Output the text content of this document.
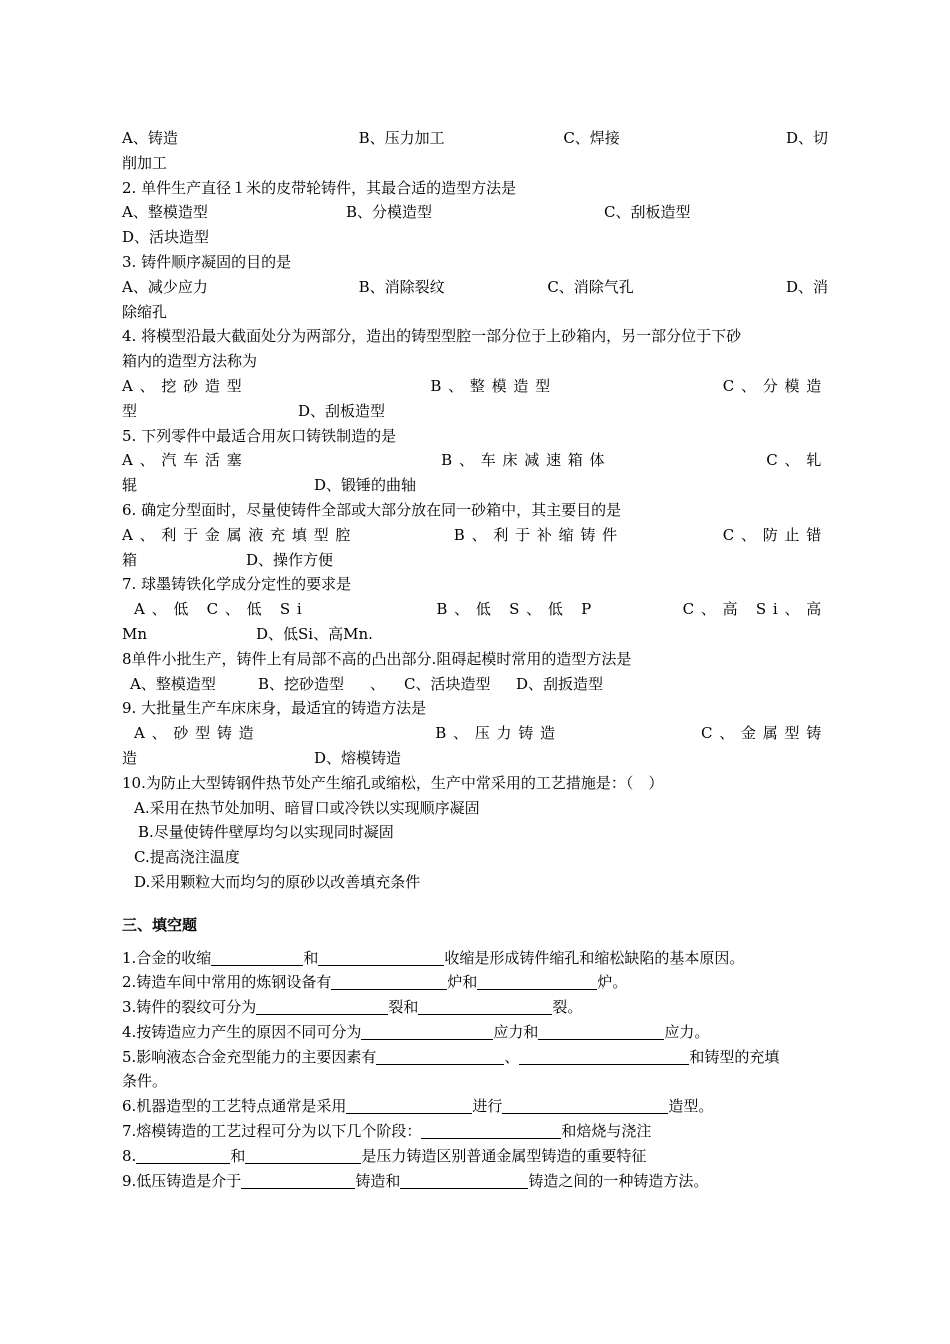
A、铸造	B、压力加工	C、焊接	D、切
削加工
2. 单件生产直径１米的皮带轮铸件，其最合适的造型方法是
A、整模造型	B、分模造型	C、刮板造型
D、活块造型
3. 铸件顺序凝固的目的是
A、减少应力	B、消除裂纹	C、消除气孔	D、消
除缩孔
4. 将模型沿最大截面处分为两部分，造出的铸型型腔一部分位于上砂箱内，另一部分位于下砂
箱内的造型方法称为
A、挖砂造型	B、整模造型	C、分模造
型	D、刮板造型
5. 下列零件中最适合用灰口铸铁制造的是
A、汽车活塞	B、车床减速箱体	C、轧
辊	D、锻锤的曲轴
6. 确定分型面时，尽量使铸件全部或大部分放在同一砂箱中，其主要目的是
A、利于金属液充填型腔	B、利于补缩铸件	C、防止错
箱	D、操作方便
7. 球墨铸铁化学成分定性的要求是
A、低 C、低 Si	B、低 S、低 P	C、高 Si、高
Mn	D、低Si、高Mn.
8单件小批生产，铸件上有局部不高的凸出部分.阻碍起模时常用的造型方法是
A、整模造型	B、挖砂造型 、 C、活块造型 D、刮扳造型
9. 大批量生产车床床身，最适宜的铸造方法是
A、砂型铸造	B、压力铸造	C、金属型铸
造	D、熔模铸造
10.为防止大型铸钢件热节处产生缩孔或缩松，生产中常采用的工艺措施是：（　）
A.采用在热节处加明、暗冒口或冷铁以实现顺序凝固
B.尽量使铸件壁厚均匀以实现同时凝固
C.提高浇注温度
D.采用颗粒大而均匀的原砂以改善填充条件
三、填空题
1.合金的收缩	和	收缩是形成铸件缩孔和缩松缺陷的基本原因。
2.铸造车间中常用的炼钢设备有	炉和	炉。
3.铸件的裂纹可分为	裂和	裂。
4.按铸造应力产生的原因不同可分为	应力和	应力。
5.影响液态合金充型能力的主要因素有	、	和铸型的充填
条件。
6.机器造型的工艺特点通常是采用	进行	造型。
7.熔模铸造的工艺过程可分为以下几个阶段：	和焙烧与浇注
8.	和	是压力铸造区别普通金属型铸造的重要特征
9.低压铸造是介于	铸造和	铸造之间的一种铸造方法。
